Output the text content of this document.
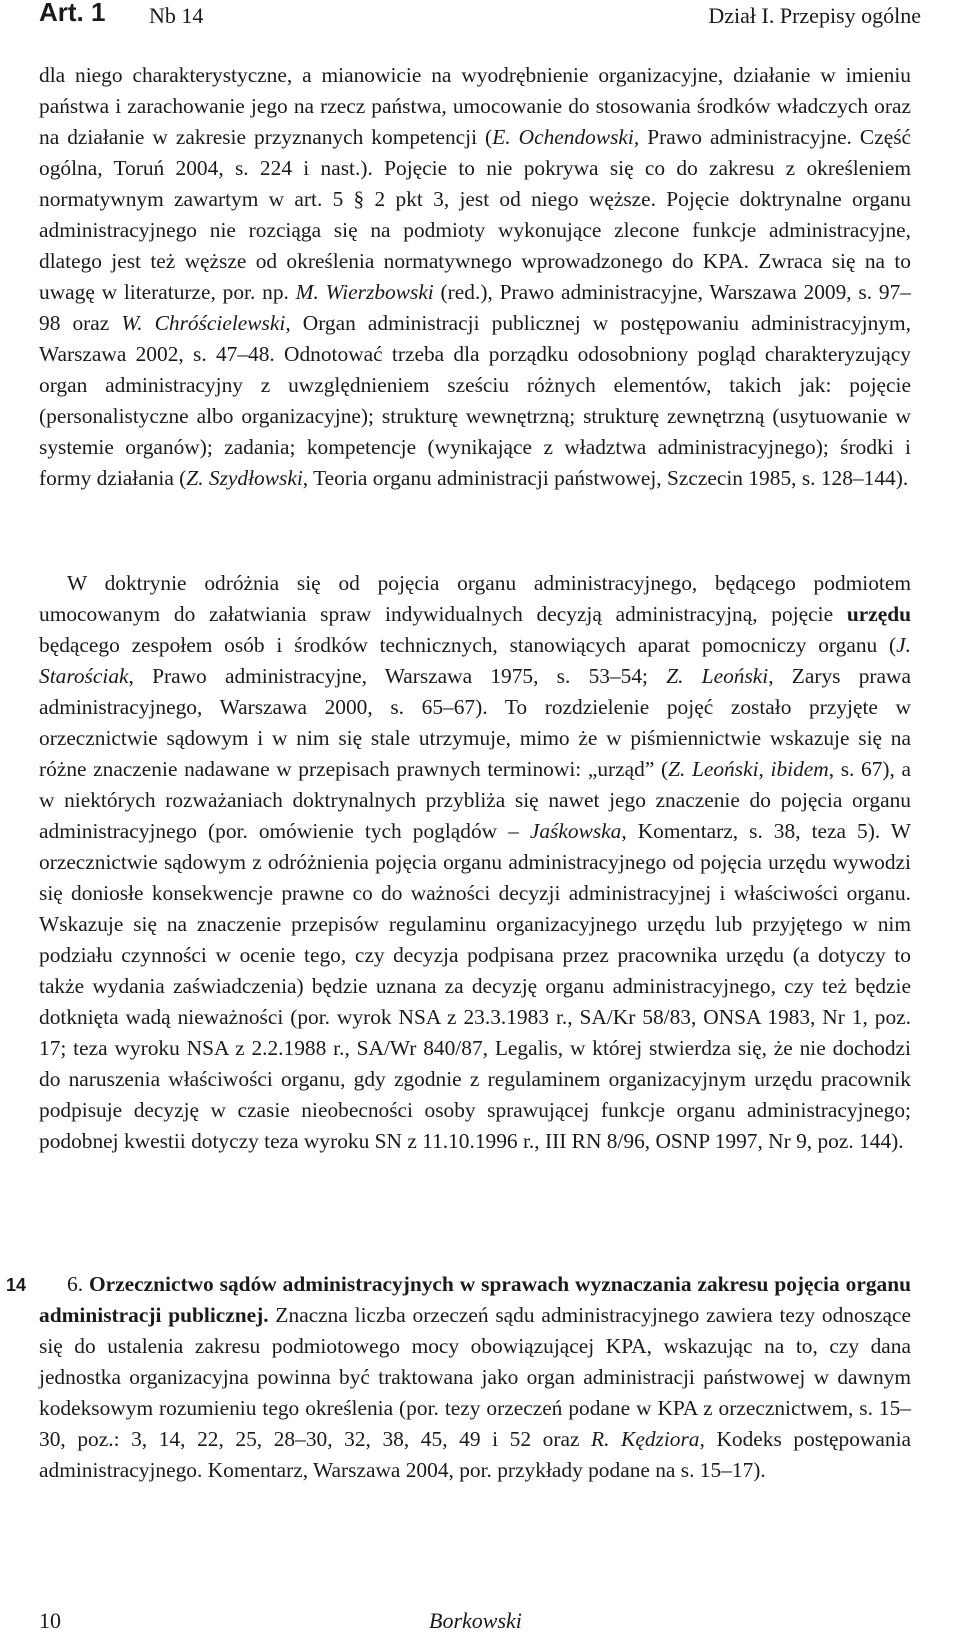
Art. 1 Nb 14	Dział I. Przepisy ogólne

dla niego charakterystyczne, a mianowicie na wyodrębnienie organizacyjne, działanie w imieniu państwa i zarachowanie jego na rzecz państwa, umocowanie do stosowania środków władczych oraz na działanie w zakresie przyznanych kompetencji (E. Ochendowski, Prawo administracyjne. Część ogólna, Toruń 2004, s. 224 i nast.). Pojęcie to nie pokrywa się co do zakresu z określeniem normatywnym zawartym w art. 5 § 2 pkt 3, jest od niego węższe. Pojęcie doktrynalne organu administracyjnego nie rozciąga się na podmioty wykonujące zlecone funkcje administracyjne, dlatego jest też węższe od określenia normatywnego wprowadzonego do KPA. Zwraca się na to uwagę w literaturze, por. np. M. Wierzbowski (red.), Prawo administracyjne, Warszawa 2009, s. 97–98 oraz W. Chróścielewski, Organ administracji publicznej w postępowaniu administracyjnym, Warszawa 2002, s. 47–48. Odnotować trzeba dla porządku odosobniony pogląd charakteryzujący organ administracyjny z uwzględnieniem sześciu różnych elementów, takich jak: pojęcie (personalistyczne albo organizacyjne); strukturę wewnętrzną; strukturę zewnętrzną (usytuowanie w systemie organów); zadania; kompetencje (wynikające z władztwa administracyjnego); środki i formy działania (Z. Szydłowski, Teoria organu administracji państwowej, Szczecin 1985, s. 128–144).

W doktrynie odróżnia się od pojęcia organu administracyjnego, będącego podmiotem umocowanym do załatwiania spraw indywidualnych decyzją administracyjną, pojęcie urzędu będącego zespołem osób i środków technicznych, stanowiących aparat pomocniczy organu (J. Starościak, Prawo administracyjne, Warszawa 1975, s. 53–54; Z. Leoński, Zarys prawa administracyjnego, Warszawa 2000, s. 65–67). To rozdzielenie pojęć zostało przyjęte w orzecznictwie sądowym i w nim się stale utrzymuje, mimo że w piśmiennictwie wskazuje się na różne znaczenie nadawane w przepisach prawnych terminowi: „urząd” (Z. Leoński, ibidem, s. 67), a w niektórych rozważaniach doktrynalnych przybliża się nawet jego znaczenie do pojęcia organu administracyjnego (por. omówienie tych poglądów – Jaśkowska, Komentarz, s. 38, teza 5). W orzecznictwie sądowym z odróżnienia pojęcia organu administracyjnego od pojęcia urzędu wywodzi się doniosłe konsekwencje prawne co do ważności decyzji administracyjnej i właściwości organu. Wskazuje się na znaczenie przepisów regulaminu organizacyjnego urzędu lub przyjętego w nim podziału czynności w ocenie tego, czy decyzja podpisana przez pracownika urzędu (a dotyczy to także wydania zaświadczenia) będzie uznana za decyzję organu administracyjnego, czy też będzie dotknięta wadą nieważności (por. wyrok NSA z 23.3.1983 r., SA/Kr 58/83, ONSA 1983, Nr 1, poz. 17; teza wyroku NSA z 2.2.1988 r., SA/Wr 840/87, Legalis, w której stwierdza się, że nie dochodzi do naruszenia właściwości organu, gdy zgodnie z regulaminem organizacyjnym urzędu pracownik podpisuje decyzję w czasie nieobecności osoby sprawującej funkcje organu administracyjnego; podobnej kwestii dotyczy teza wyroku SN z 11.10.1996 r., III RN 8/96, OSNP 1997, Nr 9, poz. 144).

14	6. Orzecznictwo sądów administracyjnych w sprawach wyznaczania zakresu pojęcia organu administracji publicznej. Znaczna liczba orzeczeń sądu administracyjnego zawiera tezy odnoszące się do ustalenia zakresu podmiotowego mocy obowiązującej KPA, wskazując na to, czy dana jednostka organizacyjna powinna być traktowana jako organ administracji państwowej w dawnym kodeksowym rozumieniu tego określenia (por. tezy orzeczeń podane w KPA z orzecznictwem, s. 15–30, poz.: 3, 14, 22, 25, 28–30, 32, 38, 45, 49 i 52 oraz R. Kędziora, Kodeks postępowania administracyjnego. Komentarz, Warszawa 2004, por. przykłady podane na s. 15–17).

10	Borkowski
